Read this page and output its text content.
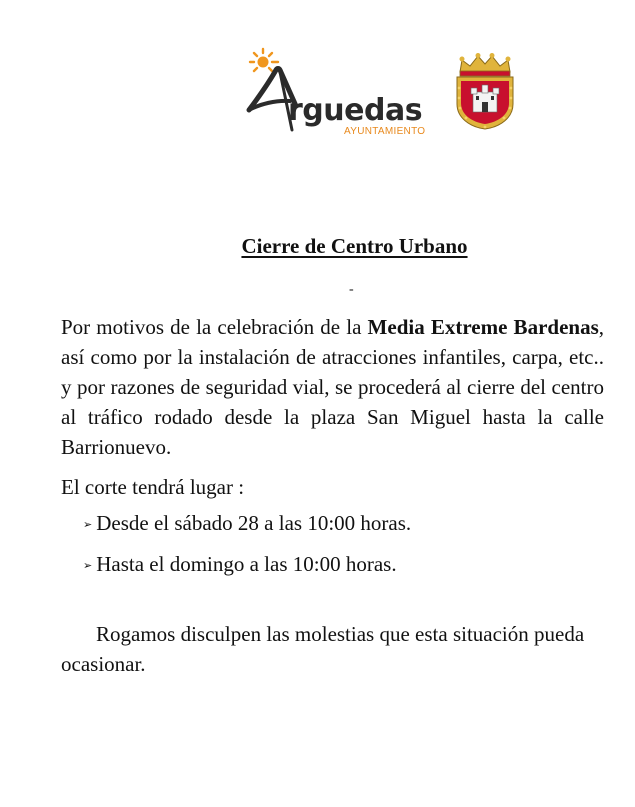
rguedas
AYUNTAMIENTO
Cierre de Centro Urbano
-

Por motivos de la celebración de la Media Extreme Bardenas, así como por la instalación de atracciones infantiles, carpa, etc.. y por razones de seguridad vial, se procederá al cierre del centro al tráfico rodado desde la plaza San Miguel hasta la calle Barrionuevo.

El corte tendrá lugar :

➢ Desde el sábado 28 a las 10:00 horas.
➢ Hasta el domingo a las 10:00 horas.

Rogamos disculpen las molestias que esta situación pueda ocasionar.
